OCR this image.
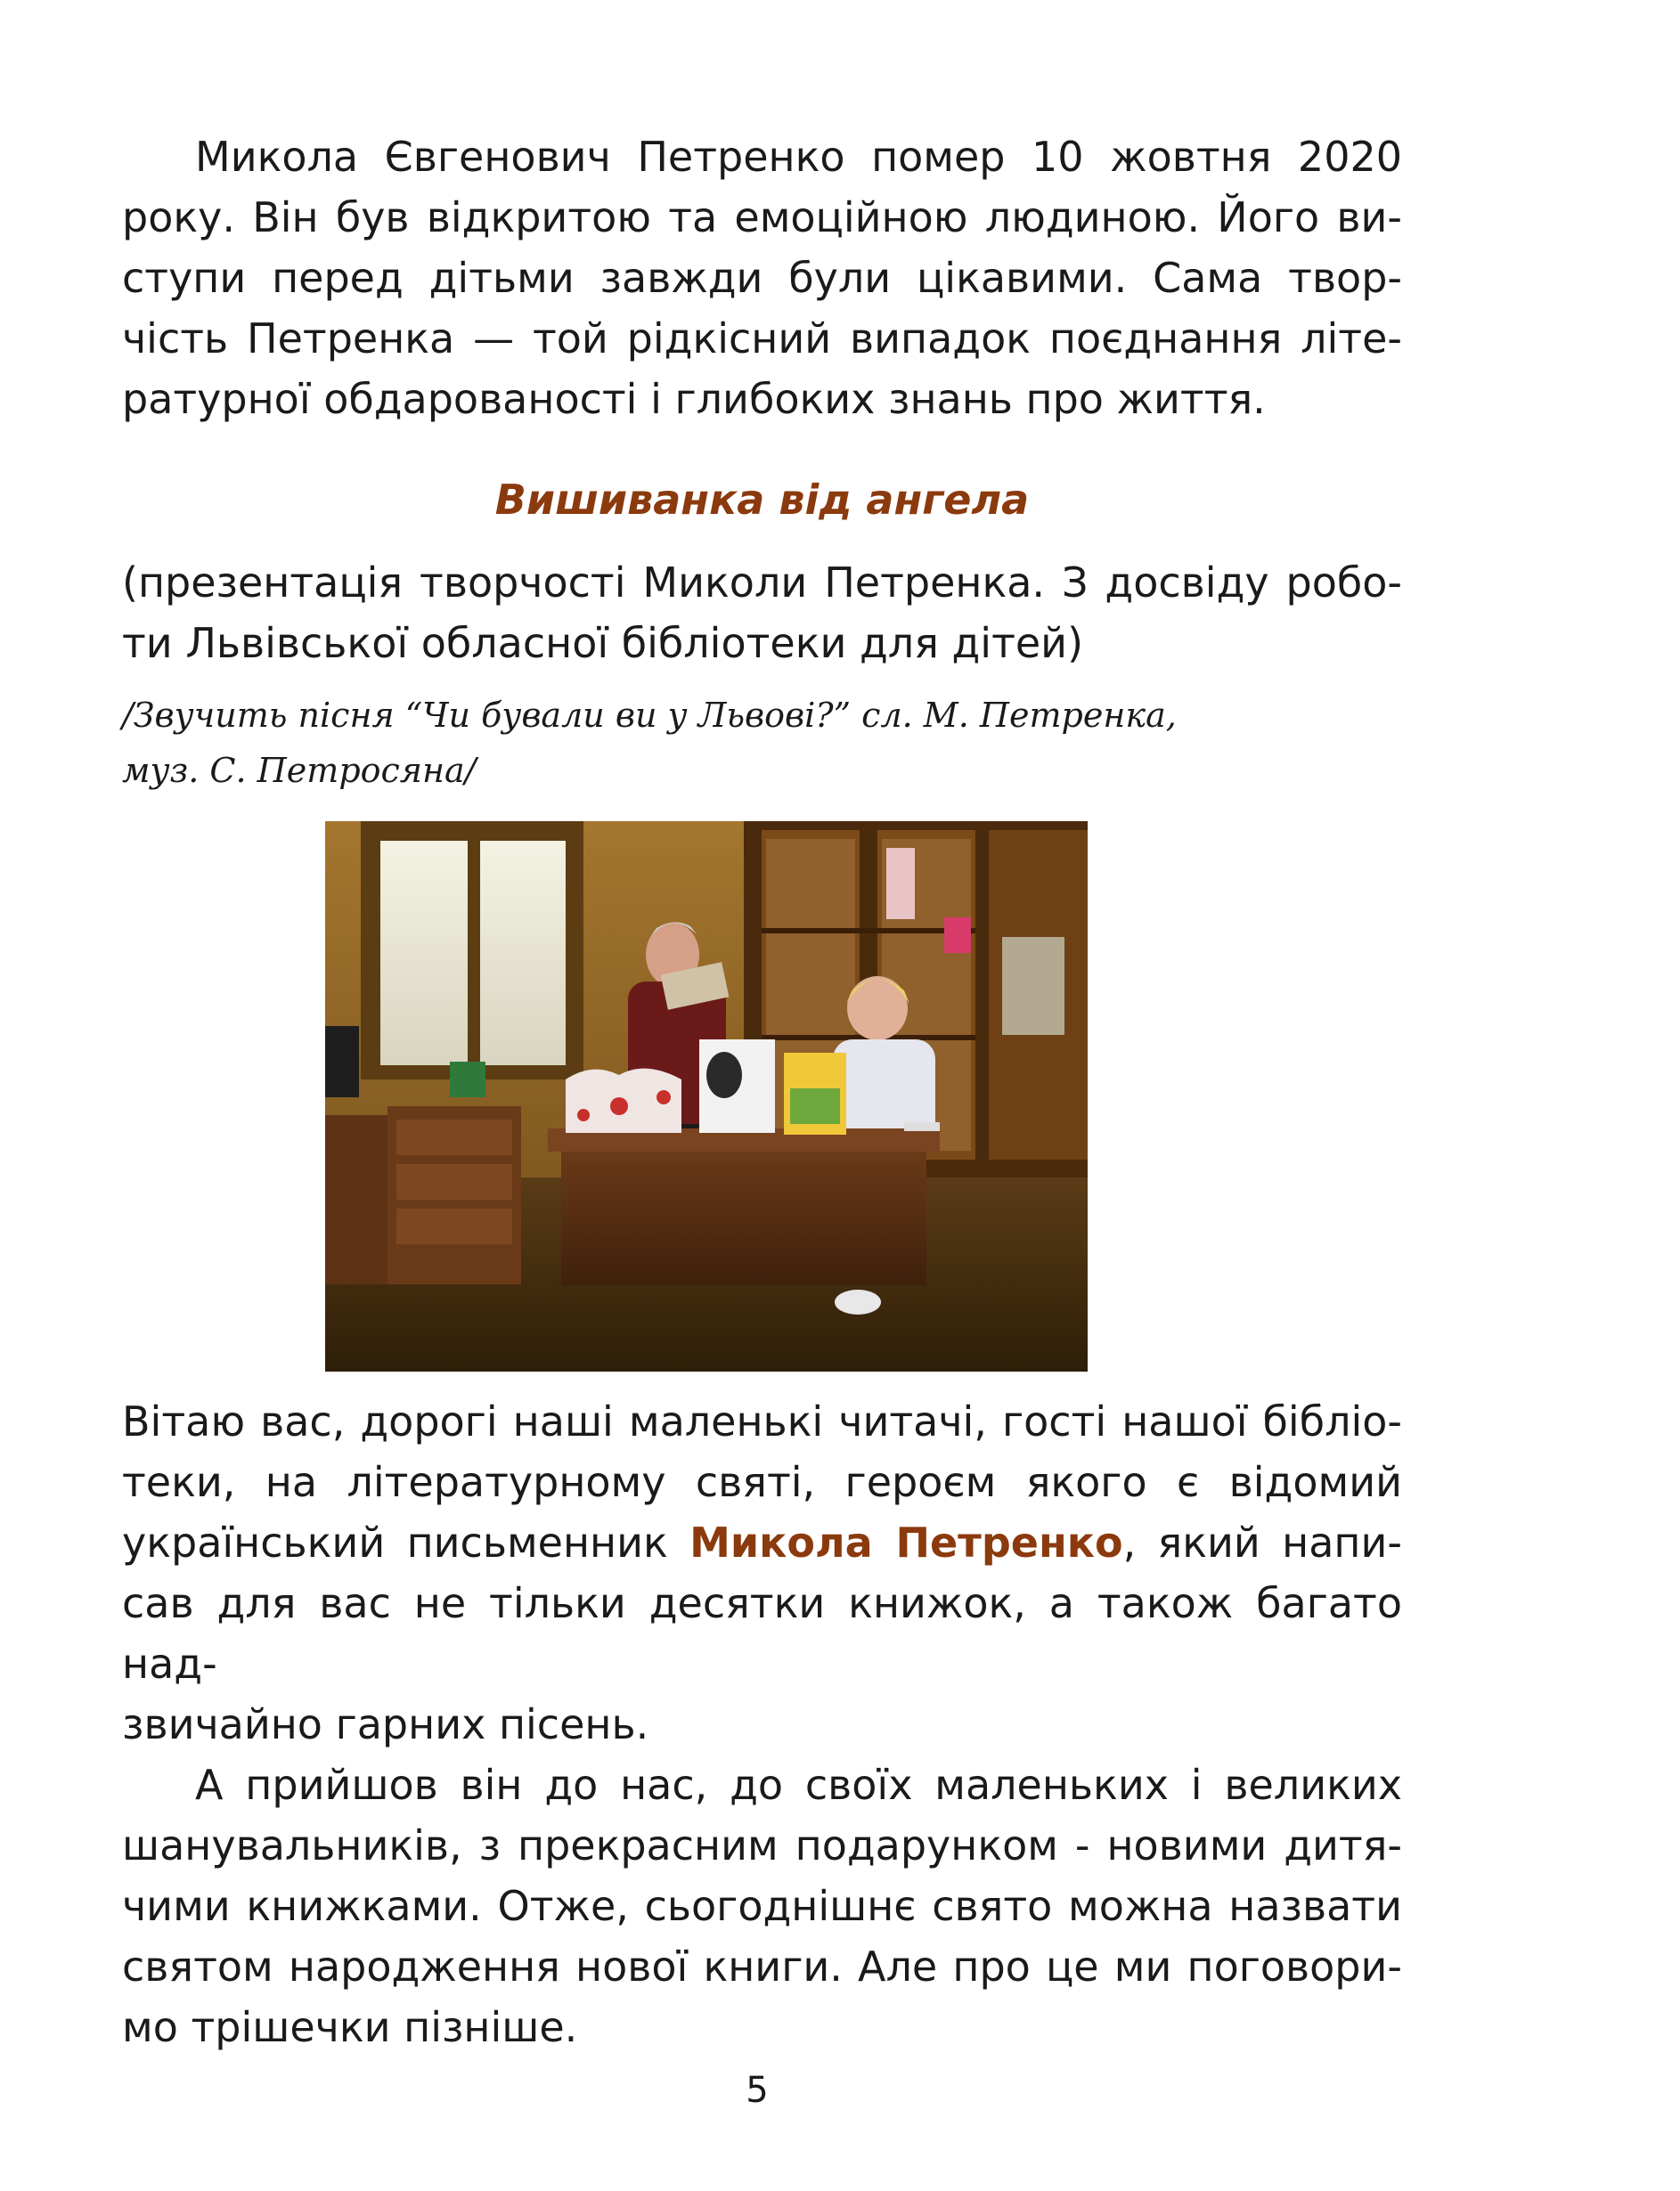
Микола Євгенович Петренко помер 10 жовтня 2020
року. Він був відкритою та емоційною людиною. Його ви-
ступи перед дітьми завжди були цікавими. Сама твор-
чість Петренка — той рідкісний випадок поєднання літе-
ратурної обдарованості і глибоких знань про життя.
Вишиванка від ангела
(презентація творчості Миколи Петренка. З досвіду робо-
ти Львівської обласної бібліотеки для дітей)
/Звучить пісня “Чи бували ви у Львові?” сл. М. Петренка,
муз. С. Петросяна/
Вітаю вас, дорогі наші маленькі читачі, гості нашої бібліо-
теки, на літературному святі, героєм якого є відомий
український письменник Микола Петренко, який напи-
сав для вас не тільки десятки книжок, а також багато над-
звичайно гарних пісень.
А прийшов він до нас, до своїх маленьких і великих
шанувальників, з прекрасним подарунком - новими дитя-
чими книжками. Отже, сьогоднішнє свято можна назвати
святом народження нової книги. Але про це ми поговори-
мо трішечки пізніше.
5
